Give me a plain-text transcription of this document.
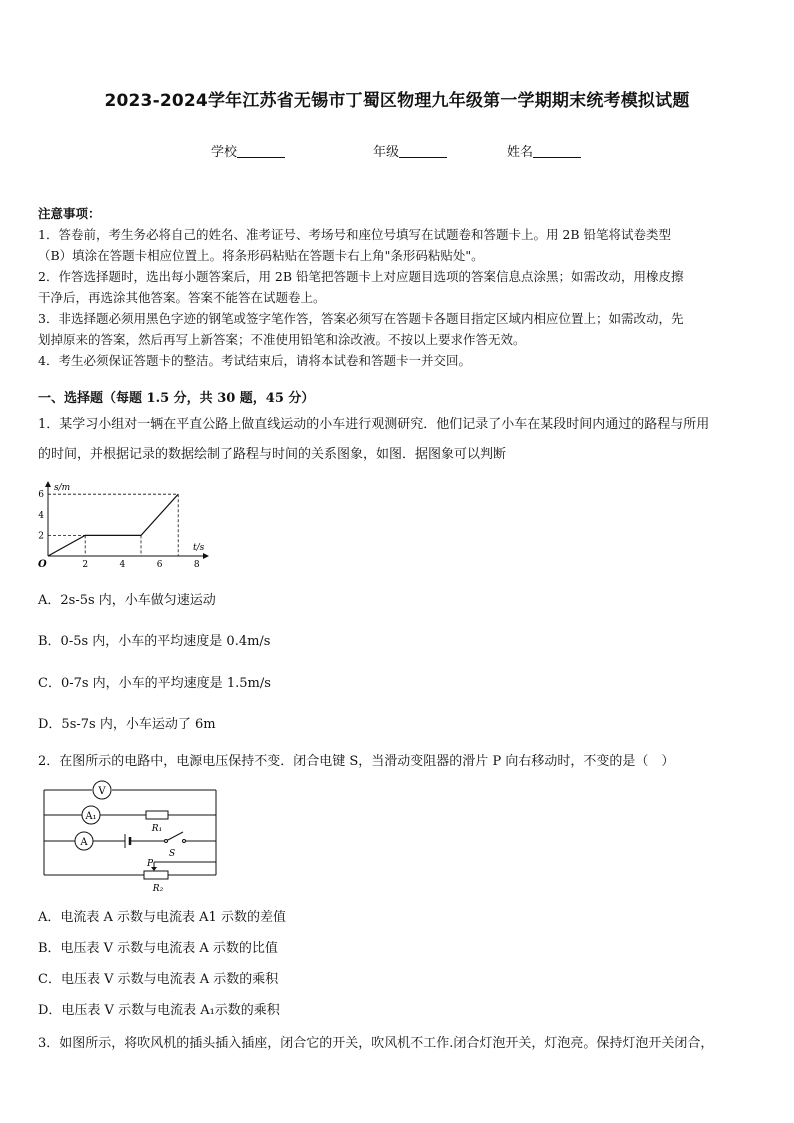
2023-2024学年江苏省无锡市丁蜀区物理九年级第一学期期末统考模拟试题
学校	年级	姓名

注意事项：

1．答卷前，考生务必将自己的姓名、准考证号、考场号和座位号填写在试题卷和答题卡上。用 2B 铅笔将试卷类型

（B）填涂在答题卡相应位置上。将条形码粘贴在答题卡右上角"条形码粘贴处"。

2．作答选择题时，选出每小题答案后，用 2B 铅笔把答题卡上对应题目选项的答案信息点涂黑；如需改动，用橡皮擦

干净后，再选涂其他答案。答案不能答在试题卷上。

3．非选择题必须用黑色字迹的钢笔或签字笔作答，答案必须写在答题卡各题目指定区域内相应位置上；如需改动，先

划掉原来的答案，然后再写上新答案；不准使用铅笔和涂改液。不按以上要求作答无效。

4．考生必须保证答题卡的整洁。考试结束后，请将本试卷和答题卡一并交回。

一、选择题（每题 1.5 分，共 30 题，45 分）
1．某学习小组对一辆在平直公路上做直线运动的小车进行观测研究．他们记录了小车在某段时间内通过的路程与所用
的时间，并根据记录的数据绘制了路程与时间的关系图象，如图．据图象可以判断
2	4	6	8
2
4
6
s/m
t/s
O
A．2s-5s 内，小车做匀速运动
B．0-5s 内，小车的平均速度是 0.4m/s
C．0-7s 内，小车的平均速度是 1.5m/s
D．5s-7s 内，小车运动了 6m
2．在图所示的电路中，电源电压保持不变．闭合电键 S，当滑动变阻器的滑片 P 向右移动时，不变的是（　）
V
A₁
A
R₁
S
P
R₂
A．电流表 A 示数与电流表 A1 示数的差值
B．电压表 V 示数与电流表 A 示数的比值
C．电压表 V 示数与电流表 A 示数的乘积
D．电压表 V 示数与电流表 A₁示数的乘积
3．如图所示，将吹风机的插头插入插座，闭合它的开关，吹风机不工作.闭合灯泡开关，灯泡亮。保持灯泡开关闭合，
